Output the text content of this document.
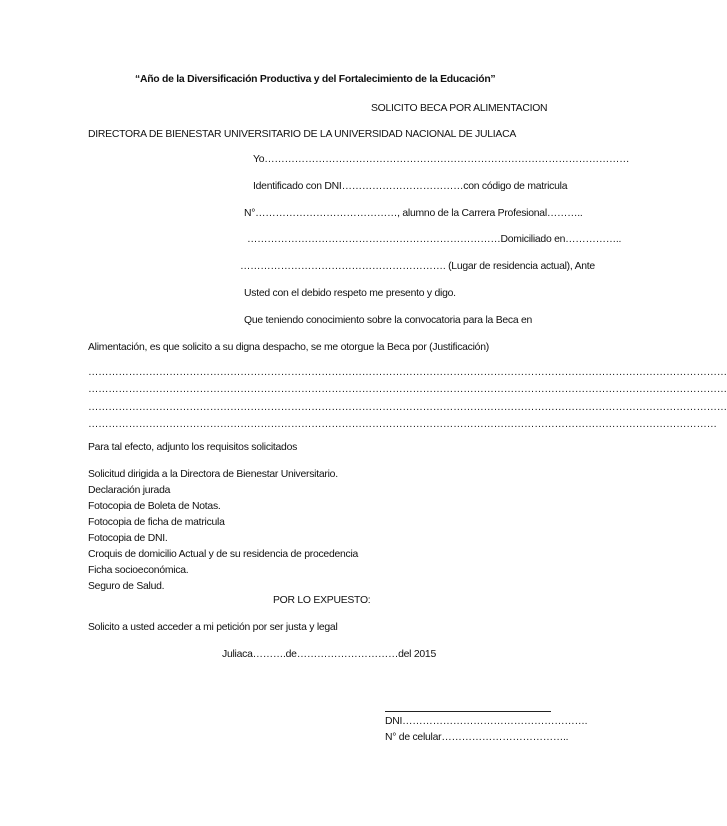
“Año de la Diversificación Productiva y del Fortalecimiento de la Educación”
SOLICITO BECA POR ALIMENTACION
DIRECTORA DE BIENESTAR UNIVERSITARIO DE LA UNIVERSIDAD NACIONAL DE JULIACA
Yo………………………………………………………………………………………………
Identificado con DNI………………………………con código de matricula
N°……………………………………, alumno de la Carrera Profesional………..
…………………………………………………………………Domiciliado en……………..
……………………………………………………. (Lugar de residencia actual), Ante
Usted con el debido respeto me presento y digo.
Que teniendo conocimiento sobre la convocatoria para la Beca en
Alimentación, es que solicito a su digna despacho, se me otorgue la Beca por (Justificación)
………………………………………………………………………………………………………………………………………………………………………
………………………………………………………………………………………………………………………………………………………………………
………………………………………………………………………………………………………………………………………………………………………
……………………………………………………………………………………………………………………………………………………………………
Para tal efecto, adjunto los requisitos solicitados
Solicitud dirigida a la Directora de Bienestar Universitario.
Declaración jurada
Fotocopia de Boleta de Notas.
Fotocopia de ficha de matricula
Fotocopia de DNI.
Croquis de domicilio Actual y de su residencia de procedencia
Ficha socioeconómica.
Seguro de Salud.
POR LO EXPUESTO:
Solicito a usted acceder a mi petición por ser justa y legal
Juliaca……….de…………………………del 2015
DNI……………………………………………….
N° de celular………………………………..
